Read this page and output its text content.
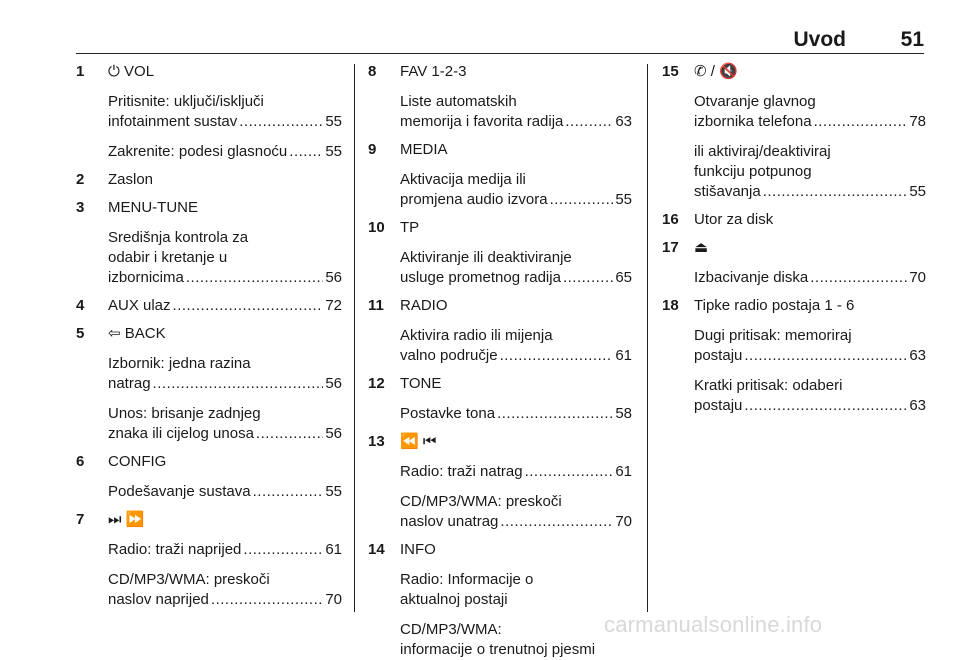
Uvod	51
1 ⏻ VOL
Pritisnite: uključi/isključi
infotainment sustav .....	55
Zakrenite: podesi glasnoću .....	55
2 Zaslon
3 MENU-TUNE
Središnja kontrola za
odabir i kretanje u
izbornicima .....	56
4 AUX ulaz .....	72
5 ⇦ BACK
Izbornik: jedna razina
natrag .....	56
Unos: brisanje zadnjeg
znaka ili cijelog unosa .....	56
6 CONFIG
Podešavanje sustava .....	55
7 ⏭ ⏩
Radio: traži naprijed .....	61
CD/MP3/WMA: preskoči
naslov naprijed .....	70
8 FAV 1-2-3
Liste automatskih
memorija i favorita radija .....	63
9 MEDIA
Aktivacija medija ili
promjena audio izvora .....	55
10 TP
Aktiviranje ili deaktiviranje
usluge prometnog radija .....	65
11 RADIO
Aktivira radio ili mijenja
valno područje .....	61
12 TONE
Postavke tona .....	58
13 ⏪ ⏮
Radio: traži natrag .....	61
CD/MP3/WMA: preskoči
naslov unatrag .....	70
14 INFO
Radio: Informacije o
aktualnoj postaji
CD/MP3/WMA:
informacije o trenutnoj pjesmi
15 ✆ / 🔇
Otvaranje glavnog
izbornika telefona .....	78
ili aktiviraj/deaktiviraj
funkciju potpunog
stišavanja .....	55
16 Utor za disk
17 ⏏
Izbacivanje diska .....	70
18 Tipke radio postaja 1 - 6
Dugi pritisak: memoriraj
postaju .....	63
Kratki pritisak: odaberi
postaju .....	63
carmanualsonline.info
